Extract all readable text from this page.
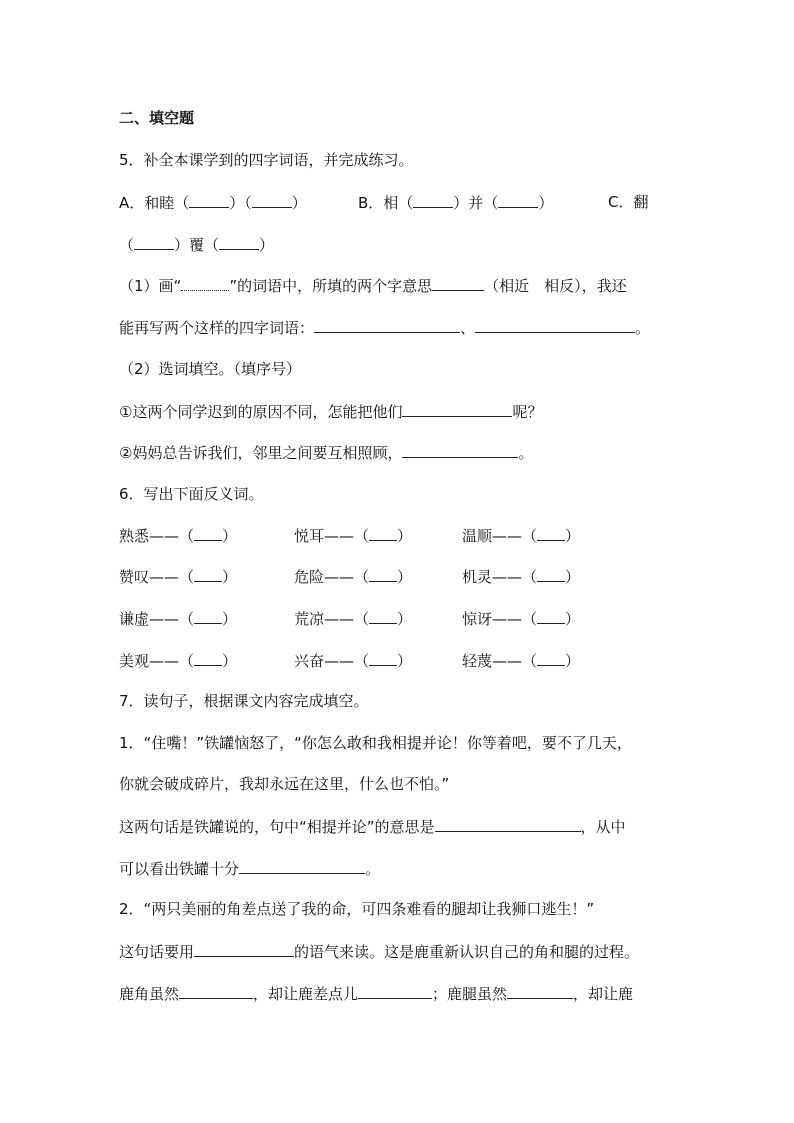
二、填空题
5．补全本课学到的四字词语，并完成练习。
A．和睦（	）（	）	B．相（	）并（	）	C．翻
（	）覆（	）
（1）画“	”的词语中，所填的两个字意思	（相近　相反），我还
能再写两个这样的四字词语：	、	。
（2）选词填空。（填序号）
①这两个同学迟到的原因不同，怎能把他们	呢？
②妈妈总告诉我们，邻里之间要互相照顾，	。
6．写出下面反义词。
熟悉——（ ）	悦耳——（ ）	温顺——（ ）
赞叹——（ ）	危险——（ ）	机灵——（ ）
谦虚——（ ）	荒凉——（ ）	惊讶——（ ）
美观——（ ）	兴奋——（ ）	轻蔑——（ ）
7．读句子，根据课文内容完成填空。
1．“住嘴！”铁罐恼怒了，“你怎么敢和我相提并论！你等着吧，要不了几天，
你就会破成碎片，我却永远在这里，什么也不怕。”
这两句话是铁罐说的，句中“相提并论”的意思是	，从中
可以看出铁罐十分	。
2．“两只美丽的角差点送了我的命，可四条难看的腿却让我狮口逃生！”
这句话要用	的语气来读。这是鹿重新认识自己的角和腿的过程。
鹿角虽然	，却让鹿差点儿	；鹿腿虽然	，却让鹿
